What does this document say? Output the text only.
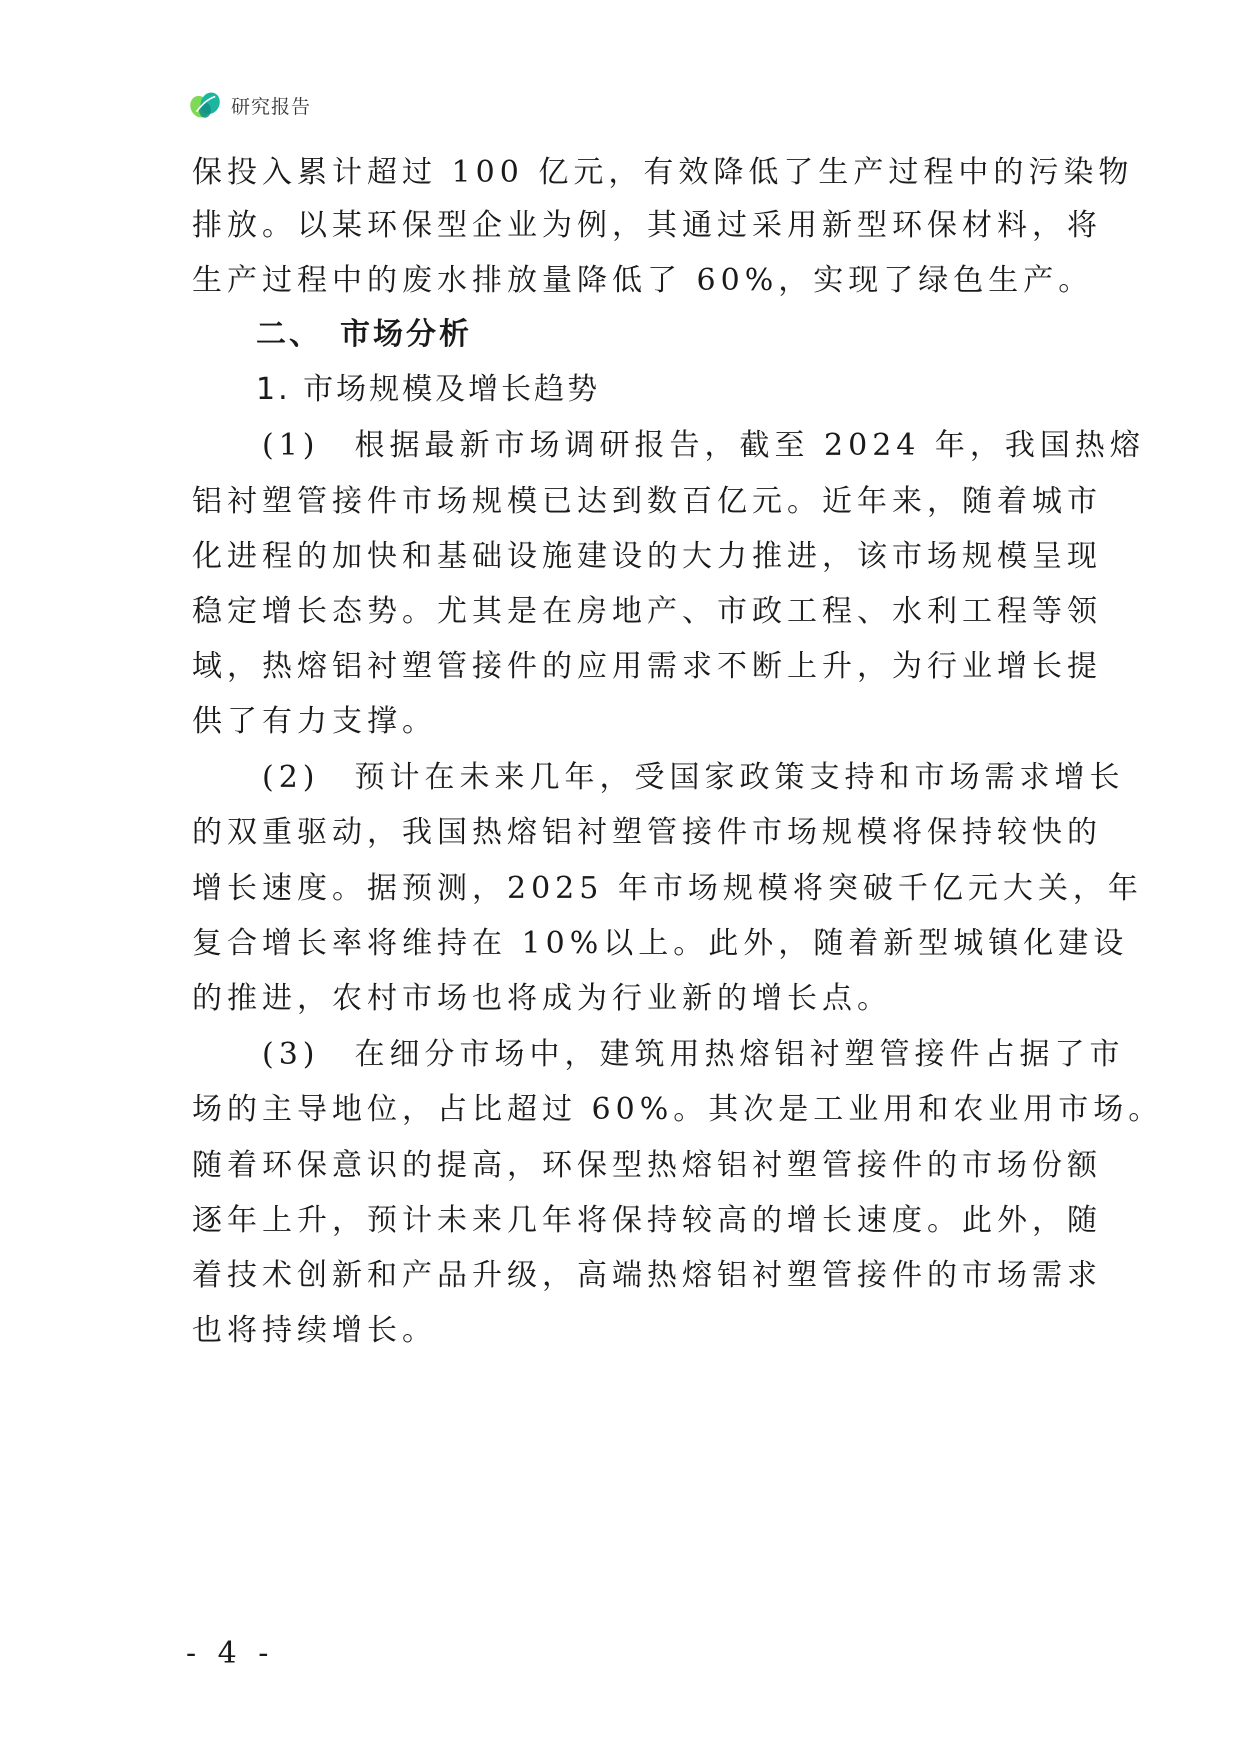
研究报告
保投入累计超过 100 亿元，有效降低了生产过程中的污染物
排放。以某环保型企业为例，其通过采用新型环保材料，将
生产过程中的废水排放量降低了 60%，实现了绿色生产。
二、　市场分析
1. 市场规模及增长趋势
(1)　根据最新市场调研报告，截至 2024 年，我国热熔
铝衬塑管接件市场规模已达到数百亿元。近年来，随着城市
化进程的加快和基础设施建设的大力推进，该市场规模呈现
稳定增长态势。尤其是在房地产、市政工程、水利工程等领
域，热熔铝衬塑管接件的应用需求不断上升，为行业增长提
供了有力支撑。
(2)　预计在未来几年，受国家政策支持和市场需求增长
的双重驱动，我国热熔铝衬塑管接件市场规模将保持较快的
增长速度。据预测，2025 年市场规模将突破千亿元大关，年
复合增长率将维持在 10%以上。此外，随着新型城镇化建设
的推进，农村市场也将成为行业新的增长点。
(3)　在细分市场中，建筑用热熔铝衬塑管接件占据了市
场的主导地位，占比超过 60%。其次是工业用和农业用市场。
随着环保意识的提高，环保型热熔铝衬塑管接件的市场份额
逐年上升，预计未来几年将保持较高的增长速度。此外，随
着技术创新和产品升级，高端热熔铝衬塑管接件的市场需求
也将持续增长。
- 4 -
